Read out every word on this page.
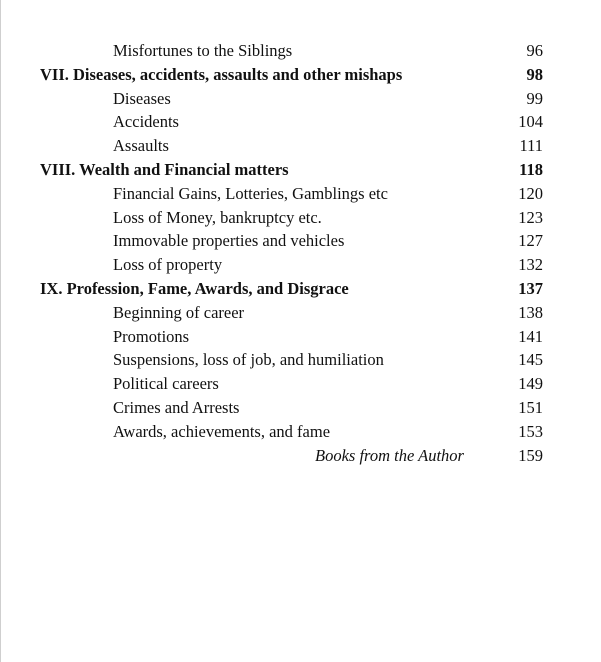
Misfortunes to the Siblings	96
VII. Diseases, accidents, assaults and other mishaps	98
Diseases	99
Accidents	104
Assaults	111
VIII. Wealth and Financial matters	118
Financial Gains, Lotteries, Gamblings etc	120
Loss of Money, bankruptcy etc.	123
Immovable properties and vehicles	127
Loss of property	132
IX. Profession, Fame, Awards, and Disgrace	137
Beginning of career	138
Promotions	141
Suspensions, loss of job, and humiliation	145
Political careers	149
Crimes and Arrests	151
Awards, achievements, and fame	153
Books from the Author	159
